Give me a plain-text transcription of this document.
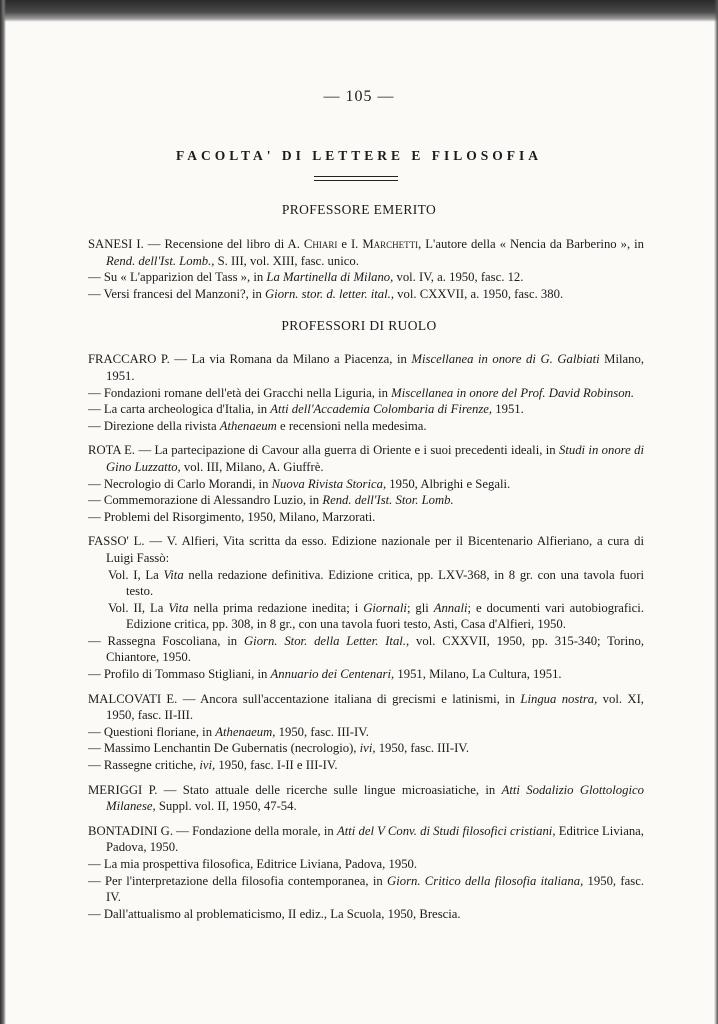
— 105 —
FACOLTA' DI LETTERE E FILOSOFIA
PROFESSORE EMERITO
PROFESSORI DI RUOLO
SANESI I. — Recensione del libro di A. Chiari e I. Marchetti, L'autore della « Nencia da Barberino », in Rend. dell'Ist. Lomb., S. III, vol. XIII, fasc. unico.
— Su « L'apparizion del Tass », in La Martinella di Milano, vol. IV, a. 1950, fasc. 12.
— Versi francesi del Manzoni?, in Giorn. stor. d. letter. ital., vol. CXXVII, a. 1950, fasc. 380.
FRACCARO P. — La via Romana da Milano a Piacenza, in Miscellanea in onore di G. Galbiati Milano, 1951.
— Fondazioni romane dell'età dei Gracchi nella Liguria, in Miscellanea in onore del Prof. David Robinson.
— La carta archeologica d'Italia, in Atti dell'Accademia Colombaria di Firenze, 1951.
— Direzione della rivista Athenaeum e recensioni nella medesima.
ROTA E. — La partecipazione di Cavour alla guerra di Oriente e i suoi precedenti ideali, in Studi in onore di Gino Luzzatto, vol. III, Milano, A. Giuffrè.
— Necrologio di Carlo Morandi, in Nuova Rivista Storica, 1950, Albrighi e Segali.
— Commemorazione di Alessandro Luzio, in Rend. dell'Ist. Stor. Lomb.
— Problemi del Risorgimento, 1950, Milano, Marzorati.
FASSO' L. — V. Alfieri, Vita scritta da esso. Edizione nazionale per il Bicentenario Alfieriano, a cura di Luigi Fassò:
Vol. I, La Vita nella redazione definitiva. Edizione critica, pp. LXV-368, in 8 gr. con una tavola fuori testo.
Vol. II, La Vita nella prima redazione inedita; i Giornali; gli Annali; e documenti vari autobiografici. Edizione critica, pp. 308, in 8 gr., con una tavola fuori testo, Asti, Casa d'Alfieri, 1950.
— Rassegna Foscoliana, in Giorn. Stor. della Letter. Ital., vol. CXXVII, 1950, pp. 315-340; Torino, Chiantore, 1950.
— Profilo di Tommaso Stigliani, in Annuario dei Centenari, 1951, Milano, La Cultura, 1951.
MALCOVATI E. — Ancora sull'accentazione italiana di grecismi e latinismi, in Lingua nostra, vol. XI, 1950, fasc. II-III.
— Questioni floriane, in Athenaeum, 1950, fasc. III-IV.
— Massimo Lenchantin De Gubernatis (necrologio), ivi, 1950, fasc. III-IV.
— Rassegne critiche, ivi, 1950, fasc. I-II e III-IV.
MERIGGI P. — Stato attuale delle ricerche sulle lingue microasiatiche, in Atti Sodalizio Glottologico Milanese, Suppl. vol. II, 1950, 47-54.
BONTADINI G. — Fondazione della morale, in Atti del V Conv. di Studi filosofici cristiani, Editrice Liviana, Padova, 1950.
— La mia prospettiva filosofica, Editrice Liviana, Padova, 1950.
— Per l'interpretazione della filosofia contemporanea, in Giorn. Critico della filosofia italiana, 1950, fasc. IV.
— Dall'attualismo al problematicismo, II ediz., La Scuola, 1950, Brescia.
